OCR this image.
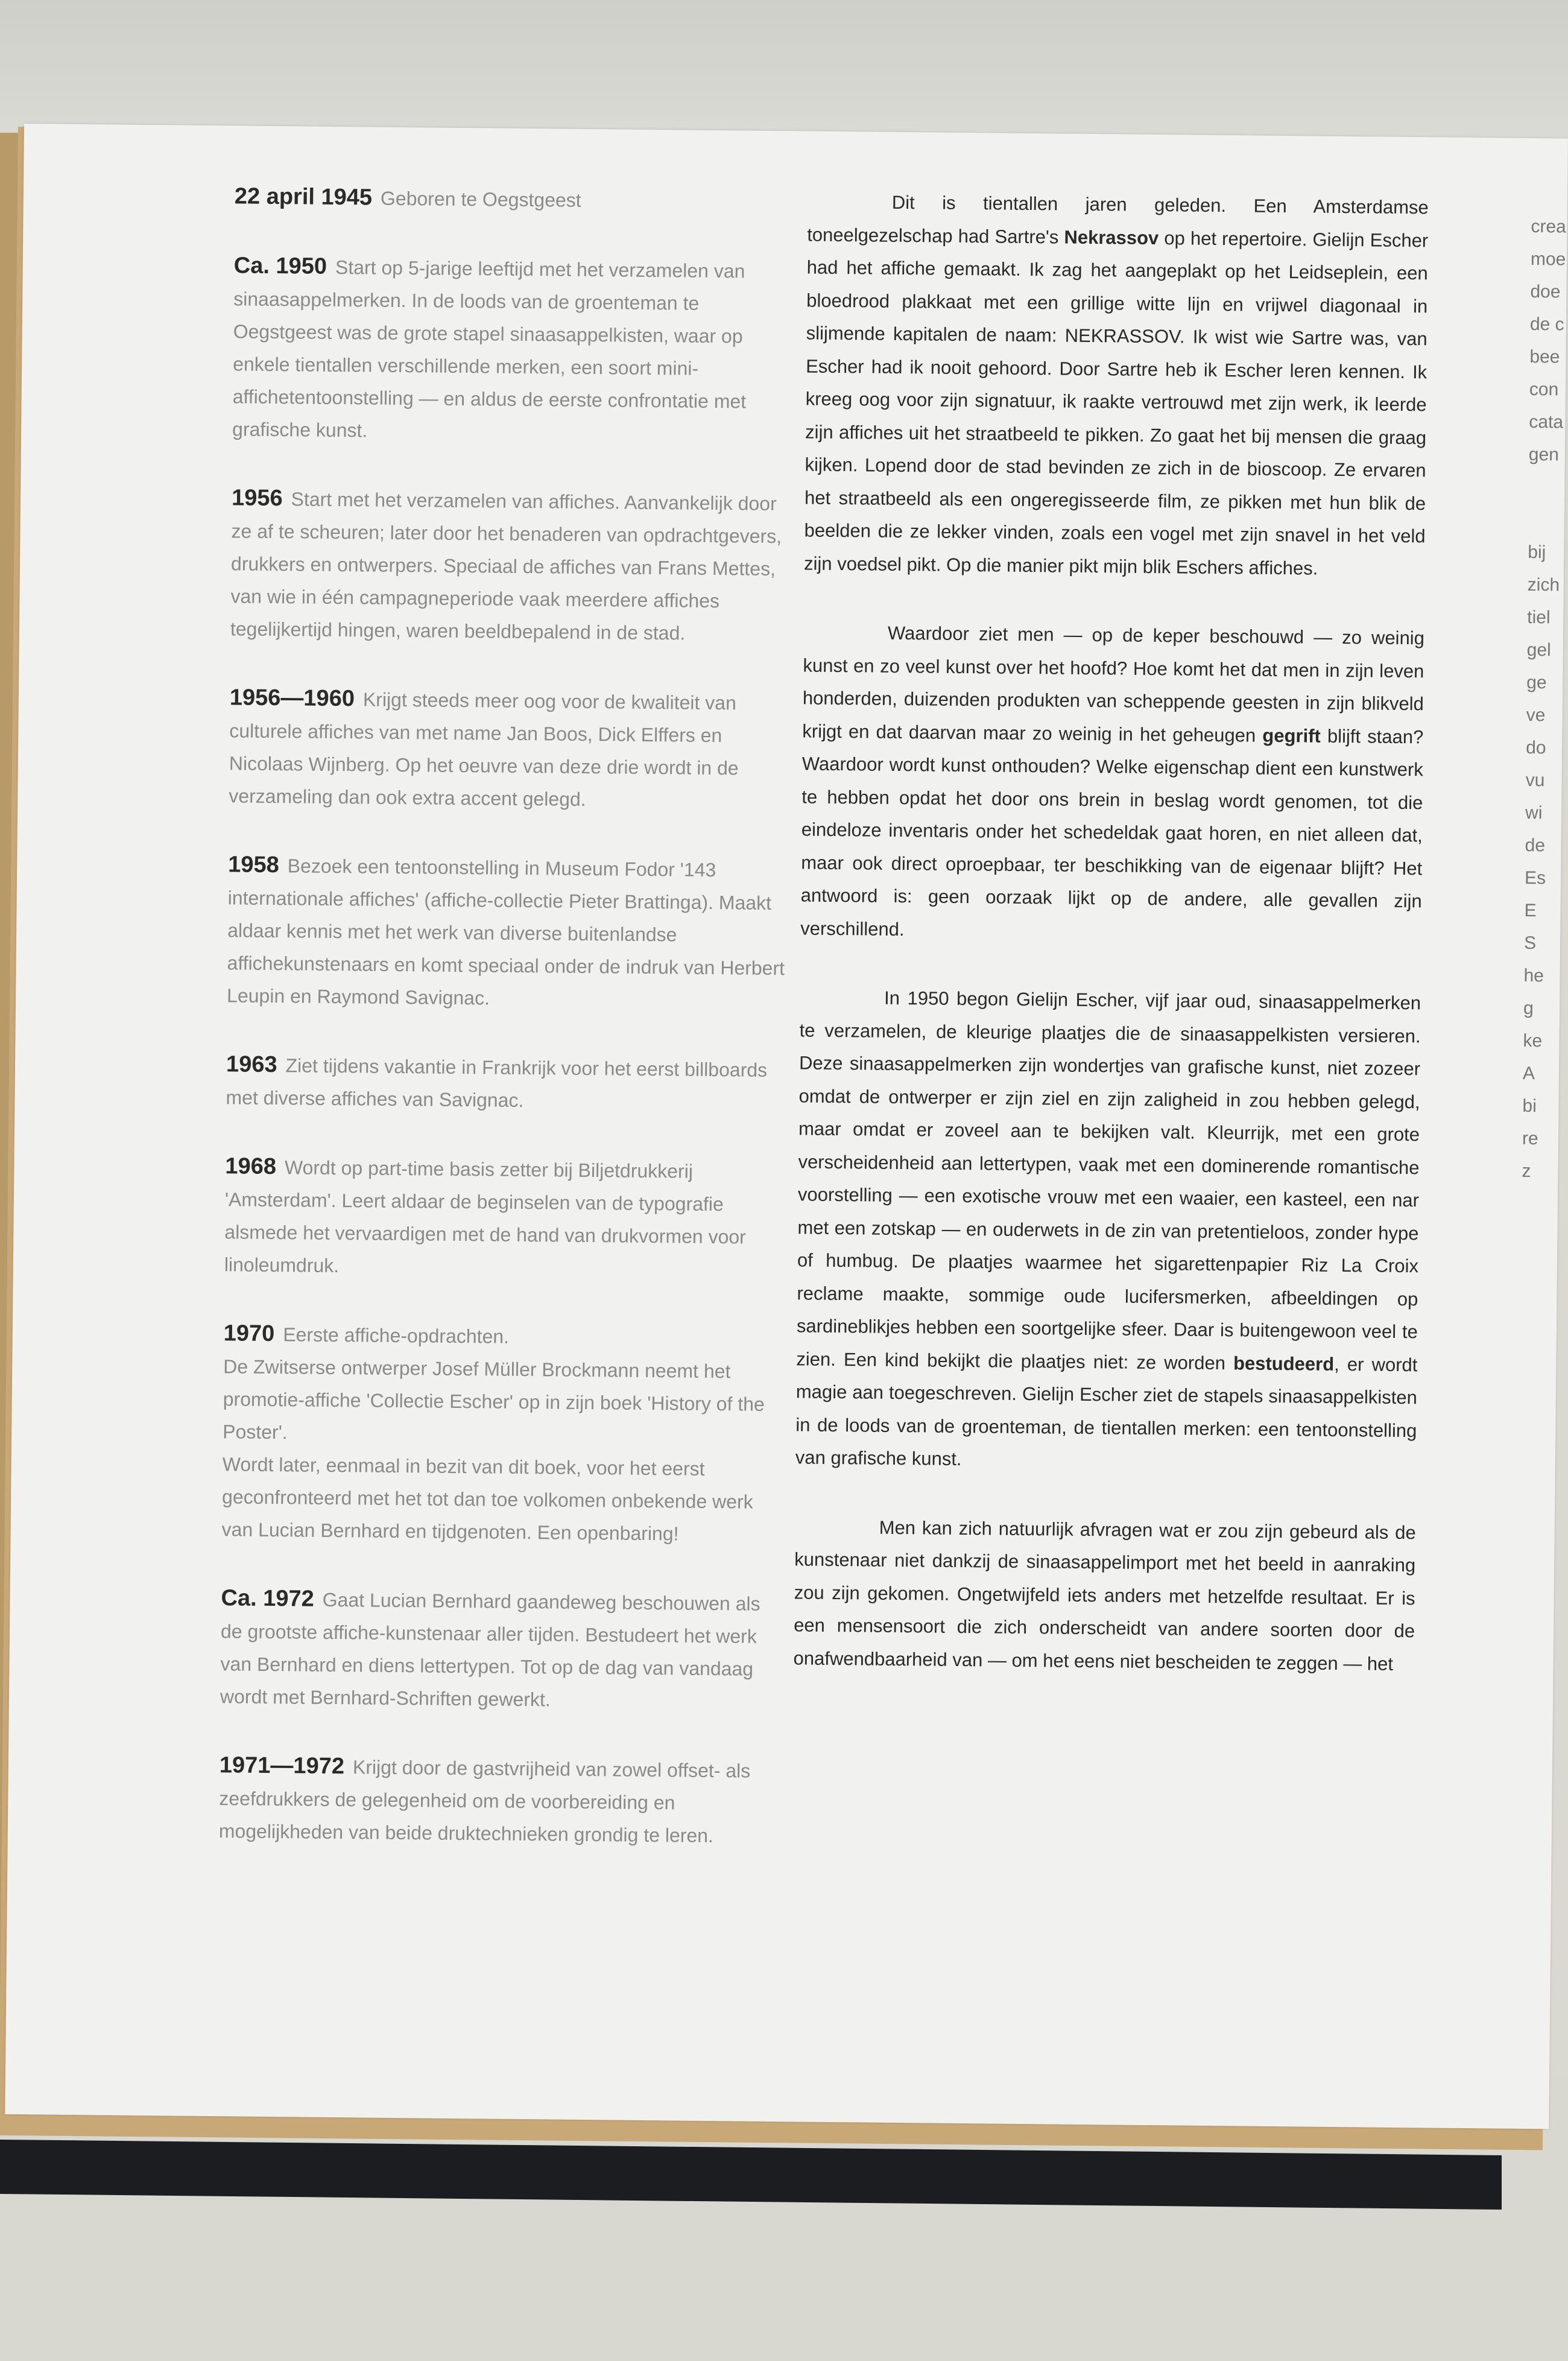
22 april 1945 Geboren te Oegstgeest

Ca. 1950 Start op 5-jarige leeftijd met het verzamelen van sinaasappelmerken. In de loods van de groenteman te Oegstgeest was de grote stapel sinaasappelkisten, waar op enkele tientallen verschillende merken, een soort mini-affichetentoonstelling — en aldus de eerste confrontatie met grafische kunst.

1956 Start met het verzamelen van affiches. Aanvankelijk door ze af te scheuren; later door het benaderen van opdrachtgevers, drukkers en ontwerpers. Speciaal de affiches van Frans Mettes, van wie in één campagneperiode vaak meerdere affiches tegelijkertijd hingen, waren beeldbepalend in de stad.

1956—1960 Krijgt steeds meer oog voor de kwaliteit van culturele affiches van met name Jan Boos, Dick Elffers en Nicolaas Wijnberg. Op het oeuvre van deze drie wordt in de verzameling dan ook extra accent gelegd.

1958 Bezoek een tentoonstelling in Museum Fodor '143 internationale affiches' (affiche-collectie Pieter Brattinga). Maakt aldaar kennis met het werk van diverse buitenlandse affichekunstenaars en komt speciaal onder de indruk van Herbert Leupin en Raymond Savignac.

1963 Ziet tijdens vakantie in Frankrijk voor het eerst billboards met diverse affiches van Savignac.

1968 Wordt op part-time basis zetter bij Biljetdrukkerij 'Amsterdam'. Leert aldaar de beginselen van de typografie alsmede het vervaardigen met de hand van drukvormen voor linoleumdruk.

1970 Eerste affiche-opdrachten.

De Zwitserse ontwerper Josef Müller Brockmann neemt het promotie-affiche 'Collectie Escher' op in zijn boek 'History of the Poster'.

Wordt later, eenmaal in bezit van dit boek, voor het eerst geconfronteerd met het tot dan toe volkomen onbekende werk van Lucian Bernhard en tijdgenoten. Een openbaring!

Ca. 1972 Gaat Lucian Bernhard gaandeweg beschouwen als de grootste affiche-kunstenaar aller tijden. Bestudeert het werk van Bernhard en diens lettertypen. Tot op de dag van vandaag wordt met Bernhard-Schriften gewerkt.

1971—1972 Krijgt door de gastvrijheid van zowel offset- als zeefdrukkers de gelegenheid om de voorbereiding en mogelijkheden van beide druktechnieken grondig te leren.

Dit is tientallen jaren geleden. Een Amsterdamse toneelgezelschap had Sartre's Nekrassov op het repertoire. Gielijn Escher had het affiche gemaakt. Ik zag het aangeplakt op het Leidseplein, een bloedrood plakkaat met een grillige witte lijn en vrijwel diagonaal in slijmende kapitalen de naam: NEKRASSOV. Ik wist wie Sartre was, van Escher had ik nooit gehoord. Door Sartre heb ik Escher leren kennen. Ik kreeg oog voor zijn signatuur, ik raakte vertrouwd met zijn werk, ik leerde zijn affiches uit het straatbeeld te pikken. Zo gaat het bij mensen die graag kijken. Lopend door de stad bevinden ze zich in de bioscoop. Ze ervaren het straatbeeld als een ongeregisseerde film, ze pikken met hun blik de beelden die ze lekker vinden, zoals een vogel met zijn snavel in het veld zijn voedsel pikt. Op die manier pikt mijn blik Eschers affiches.

Waardoor ziet men — op de keper beschouwd — zo weinig kunst en zo veel kunst over het hoofd? Hoe komt het dat men in zijn leven honderden, duizenden produkten van scheppende geesten in zijn blikveld krijgt en dat daarvan maar zo weinig in het geheugen gegrift blijft staan? Waardoor wordt kunst onthouden? Welke eigenschap dient een kunstwerk te hebben opdat het door ons brein in beslag wordt genomen, tot die eindeloze inventaris onder het schedeldak gaat horen, en niet alleen dat, maar ook direct oproepbaar, ter beschikking van de eigenaar blijft? Het antwoord is: geen oorzaak lijkt op de andere, alle gevallen zijn verschillend.

In 1950 begon Gielijn Escher, vijf jaar oud, sinaasappelmerken te verzamelen, de kleurige plaatjes die de sinaasappelkisten versieren. Deze sinaasappelmerken zijn wondertjes van grafische kunst, niet zozeer omdat de ontwerper er zijn ziel en zijn zaligheid in zou hebben gelegd, maar omdat er zoveel aan te bekijken valt. Kleurrijk, met een grote verscheidenheid aan lettertypen, vaak met een dominerende romantische voorstelling — een exotische vrouw met een waaier, een kasteel, een nar met een zotskap — en ouderwets in de zin van pretentieloos, zonder hype of humbug. De plaatjes waarmee het sigarettenpapier Riz La Croix reclame maakte, sommige oude lucifersmerken, afbeeldingen op sardineblikjes hebben een soortgelijke sfeer. Daar is buitengewoon veel te zien. Een kind bekijkt die plaatjes niet: ze worden bestudeerd, er wordt magie aan toegeschreven. Gielijn Escher ziet de stapels sinaasappelkisten in de loods van de groenteman, de tientallen merken: een tentoonstelling van grafische kunst.

Men kan zich natuurlijk afvragen wat er zou zijn gebeurd als de kunstenaar niet dankzij de sinaasappelimport met het beeld in aanraking zou zijn gekomen. Ongetwijfeld iets anders met hetzelfde resultaat. Er is een mensensoort die zich onderscheidt van andere soorten door de onafwendbaarheid van — om het eens niet bescheiden te zeggen — het

crea
moe
doe
de c
bee
con
cata
gen

bij
zich
tiel
gel
ge
ve
do
vu
wi
de
Es
E
S
he
g
ke
A
bi
re
z
